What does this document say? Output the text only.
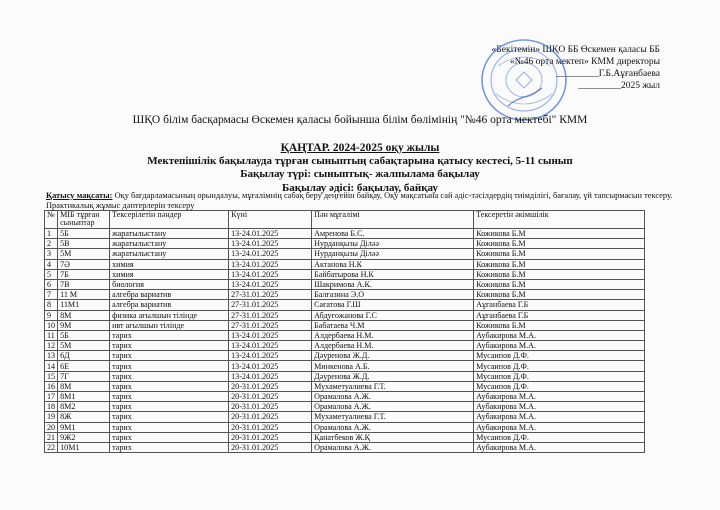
«Бекітемін» ШҚО ББ Өскемен қаласы ББ
«№46 орта мектеп» КММ директоры
_________Г.Б.Аұғанбаева
_________2025 жыл
ШҚО білім басқармасы Өскемен қаласы бойынша білім бөлімінің "№46 орта мектебі" КММ
ҚАҢТАР. 2024-2025 оқу жылы
Мектепішілік бақылауда тұрған сыныптың сабақтарына қатысу кестесі, 5-11 сынып
Бақылау түрі: сыныптық- жалпылама бақылау
Бақылау әдісі: бақылау, байқау
Қатысу мақсаты: Оқу бағдарламасының орындалуы, мұғалімнің сабақ беру деңгейін байқау, Оқу мақсатына сай әдіс-тәсілдердің тиімділігі, бағалау, үй тапсырмасын тексеру. Практикалық жұмыс дәптерлерін тексеру
№	МІБ тұрған сыныптар	Тексерілетін пәндер	Күні	Пән мұғалімі	Тексеретін әкімшілік
1	5Б	жаратылыстану	13-24.01.2025	Амренова Б.С.	Кожикова Б.М
2	5В	жаратылыстану	13-24.01.2025	Нурданқызы Діләә	Кожикова Б.М
3	5М	жаратылыстану	13-24.01.2025	Нурданқызы Діләә	Кожикова Б.М
4	7Ә	химия	13-24.01.2025	Актанова Н.К	Кожикова Б.М
5	7Б	химия	13-24.01.2025	Байбатырова Н.К	Кожикова Б.М
6	7В	биология	13-24.01.2025	Шакримова А.К.	Кожикова Б.М
7	11 М	алгебра вариатив	27-31.01.2025	Балғазина Э.О	Кожикова Б.М
8	11М1	алгебра вариатив	27-31.01.2025	Сағатова Г.Ш	Аұғанбаева Г.Б
9	8М	физика ағылшын тілінде	27-31.01.2025	Абдуғожанова Г.С	Аұғанбаева Г.Б
10	9М	ивт ағылшын тілінде	27-31.01.2025	Бабатаева Ч.М	Кожикова Б.М
11	5Б	тарих	13-24.01.2025	Алдербаева Н.М.	Аубакирова М.А.
12	5М	тарих	13-24.01.2025	Алдербаева Н.М.	Аубакирова М.А.
13	6Д	тарих	13-24.01.2025	Дәуренова Ж.Д.	Мусаипов Д.Ф.
14	6Е	тарих	13-24.01.2025	Минкенова А.Б.	Мусаипов Д.Ф.
15	7Г	тарих	13-24.01.2025	Дәуренова Ж.Д.	Мусаипов Д.Ф.
16	8М	тарих	20-31.01.2025	Мухаметуалиева Г.Т.	Мусаипов Д.Ф.
17	8М1	тарих	20-31.01.2025	Орамалова А.Ж.	Аубакирова М.А.
18	8М2	тарих	20-31.01.2025	Орамалова А.Ж.	Аубакирова М.А.
19	8Ж	тарих	20-31.01.2025	Мухаметуалиева Г.Т.	Аубакирова М.А.
20	9М1	тарих	20-31.01.2025	Орамалова А.Ж.	Аубакирова М.А.
21	9Ж2	тарих	20-31.01.2025	Қанатбеков Ж.Қ	Мусаипов Д.Ф.
22	10М1	тарих	20-31.01.2025	Орамалова А.Ж.	Аубакирова М.А.
